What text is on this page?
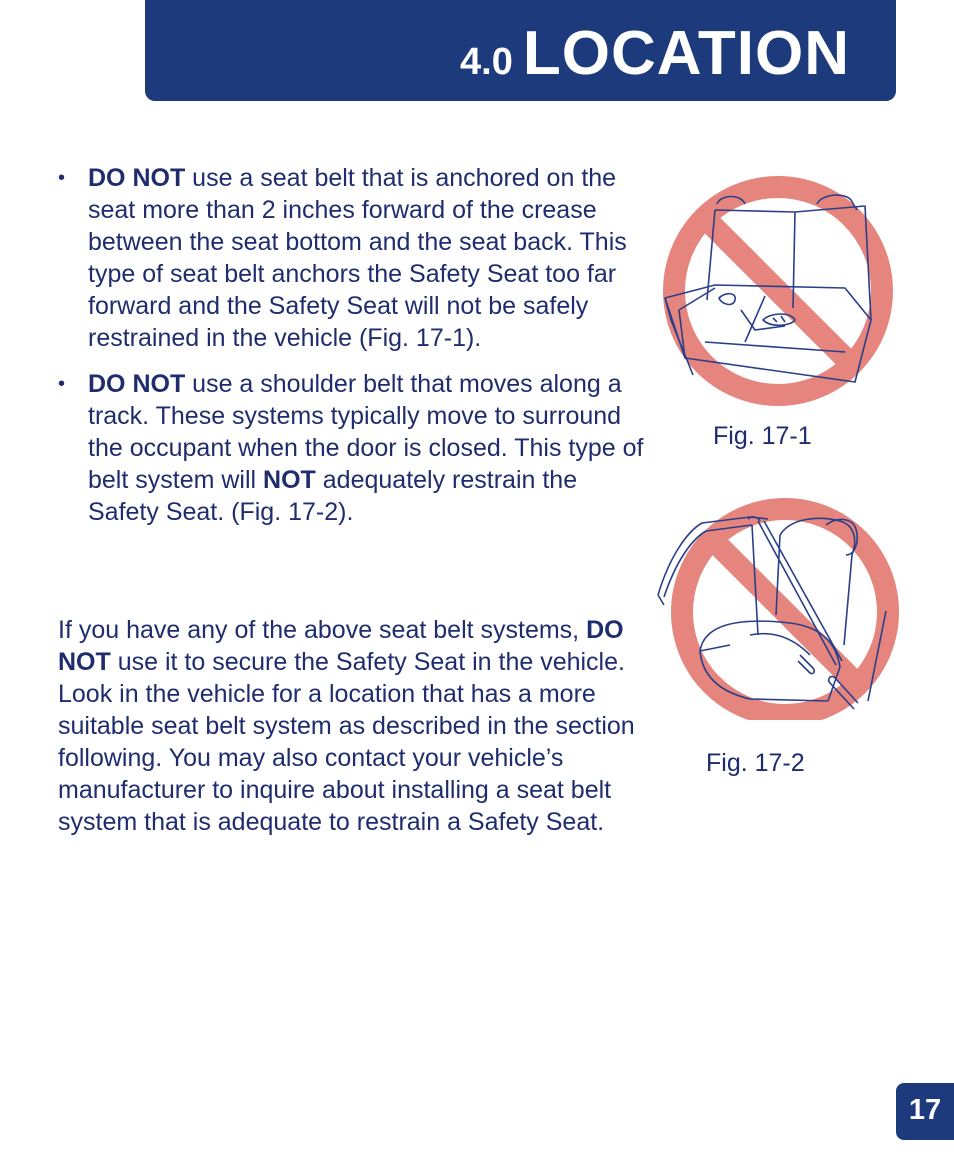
4.0 LOCATION
• DO NOT use a seat belt that is anchored on the seat more than 2 inches forward of the crease between the seat bottom and the seat back. This type of seat belt anchors the Safety Seat too far forward and the Safety Seat will not be safely restrained in the vehicle (Fig. 17-1).
• DO NOT use a shoulder belt that moves along a track. These systems typically move to surround the occupant when the door is closed. This type of belt system will NOT adequately restrain the Safety Seat. (Fig. 17-2).
If you have any of the above seat belt systems, DO NOT use it to secure the Safety Seat in the vehicle. Look in the vehicle for a location that has a more suitable seat belt system as described in the section following. You may also contact your vehicle’s manufacturer to inquire about installing a seat belt system that is adequate to restrain a Safety Seat.
Fig. 17-1
Fig. 17-2
17
